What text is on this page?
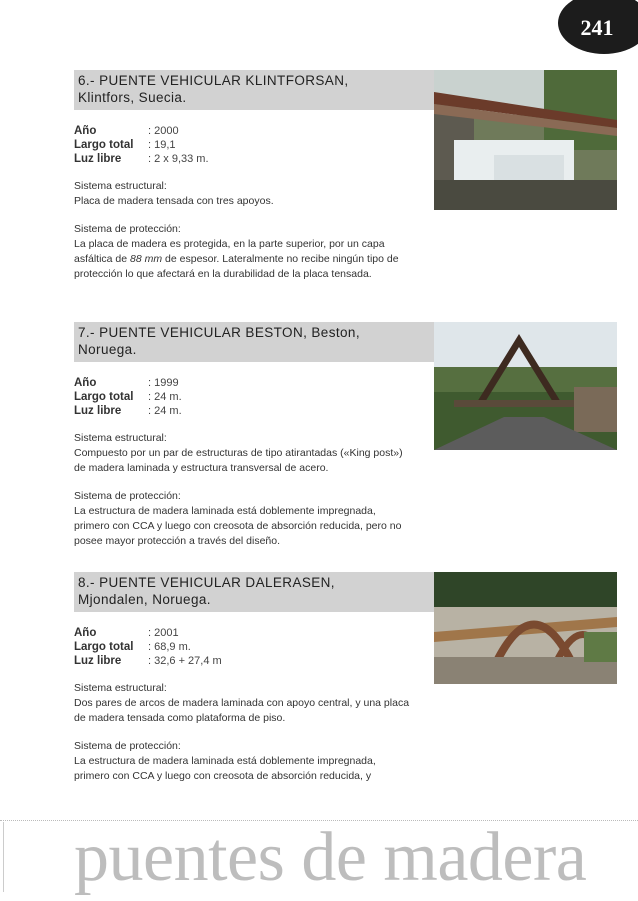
241
6.- PUENTE VEHICULAR KLINTFORSAN,
Klintfors, Suecia.
Año	: 2000
Largo total	: 19,1
Luz libre	: 2 x 9,33 m.
Sistema estructural:
Placa de madera tensada con tres apoyos.
Sistema de protección:
La placa de madera es protegida, en la parte superior, por un capa asfáltica de 88 mm de espesor. Lateralmente no recibe ningún tipo de protección lo que afectará en la durabilidad de la placa tensada.
7.- PUENTE VEHICULAR BESTON, Beston,
Noruega.
Año	: 1999
Largo total	: 24 m.
Luz libre	: 24 m.
Sistema estructural:
Compuesto por un par de estructuras de tipo atirantadas («King post») de madera laminada y estructura transversal de acero.
Sistema de protección:
La estructura de madera laminada está doblemente impregnada, primero con CCA y luego con creosota de absorción reducida, pero no posee mayor protección a través del diseño.
8.- PUENTE VEHICULAR DALERASEN,
Mjondalen, Noruega.
Año	: 2001
Largo total	: 68,9 m.
Luz libre	: 32,6 + 27,4 m
Sistema estructural:
Dos pares de arcos de madera laminada con apoyo central, y una placa de madera tensada como plataforma de piso.
Sistema de protección:
La estructura de madera laminada está doblemente impregnada, primero con CCA y luego con creosota de absorción reducida, y
puentes de madera
